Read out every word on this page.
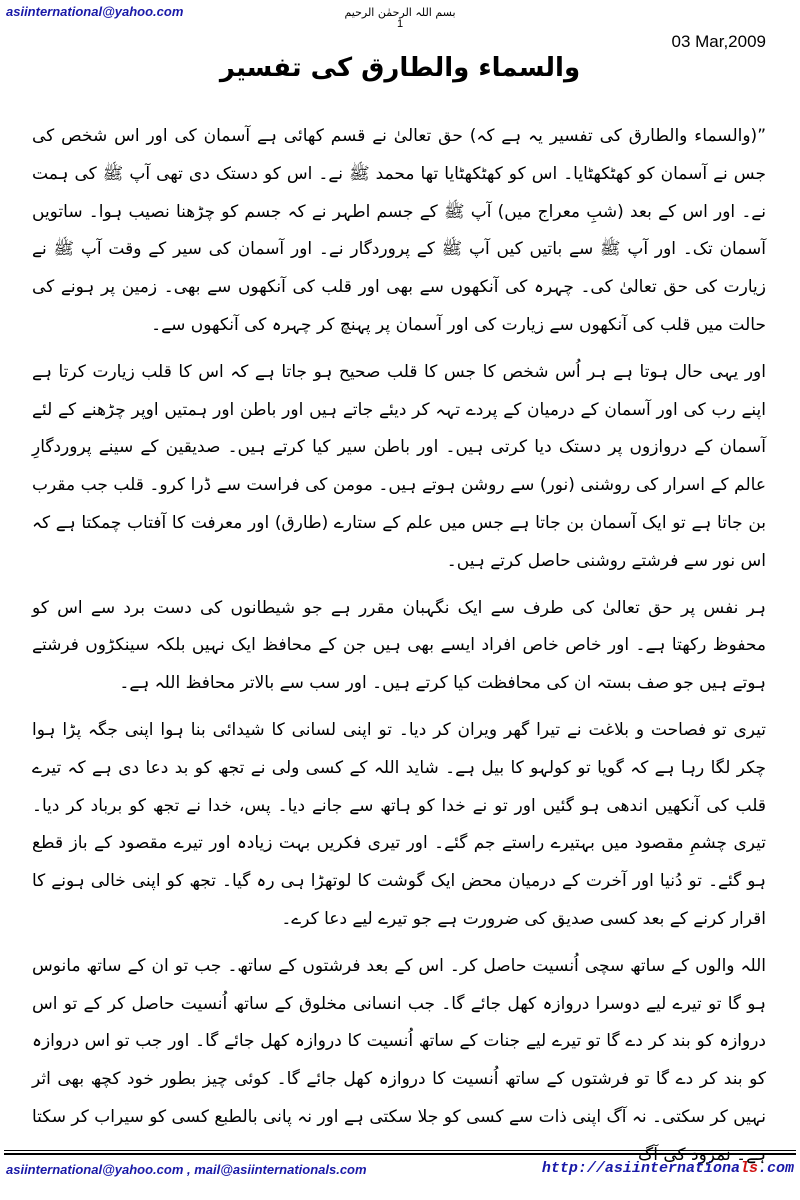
asiinternational@yahoo.com	بسم اللہ الرحمٰن الرحیم
1
03 Mar,2009
والسماء والطارق کی تفسیر

”(والسماء والطارق کی تفسیر یہ ہے کہ) حق تعالیٰ نے قسم کھائی ہے آسمان کی اور اس شخص کی جس نے آسمان کو کھٹکھٹایا۔ اس کو کھٹکھٹایا تھا محمد ﷺ نے۔ اس کو دستک دی تھی آپ ﷺ کی ہمت نے۔ اور اس کے بعد (شبِ معراج میں) آپ ﷺ کے جسم اطہر نے کہ جسم کو چڑھنا نصیب ہوا۔ ساتویں آسمان تک۔ اور آپ ﷺ سے باتیں کیں آپ ﷺ کے پروردگار نے۔ اور آسمان کی سیر کے وقت آپ ﷺ نے زیارت کی حق تعالیٰ کی۔ چہرہ کی آنکھوں سے بھی اور قلب کی آنکھوں سے بھی۔ زمین پر ہونے کی حالت میں قلب کی آنکھوں سے زیارت کی اور آسمان پر پہنچ کر چہرہ کی آنکھوں سے۔

اور یہی حال ہوتا ہے ہر اُس شخص کا جس کا قلب صحیح ہو جاتا ہے کہ اس کا قلب زیارت کرتا ہے اپنے رب کی اور آسمان کے درمیان کے پردے تہہ کر دیئے جاتے ہیں اور باطن اور ہمتیں اوپر چڑھنے کے لئے آسمان کے دروازوں پر دستک دیا کرتی ہیں۔ اور باطن سیر کیا کرتے ہیں۔ صدیقین کے سینے پروردگارِ عالم کے اسرار کی روشنی (نور) سے روشن ہوتے ہیں۔ مومن کی فراست سے ڈرا کرو۔ قلب جب مقرب بن جاتا ہے تو ایک آسمان بن جاتا ہے جس میں علم کے ستارے (طارق) اور معرفت کا آفتاب چمکتا ہے کہ اس نور سے فرشتے روشنی حاصل کرتے ہیں۔

ہر نفس پر حق تعالیٰ کی طرف سے ایک نگہبان مقرر ہے جو شیطانوں کی دست برد سے اس کو محفوظ رکھتا ہے۔ اور خاص خاص افراد ایسے بھی ہیں جن کے محافظ ایک نہیں بلکہ سینکڑوں فرشتے ہوتے ہیں جو صف بستہ ان کی محافظت کیا کرتے ہیں۔ اور سب سے بالاتر محافظ اللہ ہے۔

تیری تو فصاحت و بلاغت نے تیرا گھر ویران کر دیا۔ تو اپنی لسانی کا شیدائی بنا ہوا اپنی جگہ پڑا ہوا چکر لگا رہا ہے کہ گویا تو کولہو کا بیل ہے۔ شاید اللہ کے کسی ولی نے تجھ کو بد دعا دی ہے کہ تیرے قلب کی آنکھیں اندھی ہو گئیں اور تو نے خدا کو ہاتھ سے جانے دیا۔ پس، خدا نے تجھ کو برباد کر دیا۔ تیری چشمِ مقصود میں بہتیرے راستے جم گئے۔ اور تیری فکریں بہت زیادہ اور تیرے مقصود کے باز قطع ہو گئے۔ تو دُنیا اور آخرت کے درمیان محض ایک گوشت کا لوتھڑا ہی رہ گیا۔ تجھ کو اپنی خالی ہونے کا اقرار کرنے کے بعد کسی صدیق کی ضرورت ہے جو تیرے لیے دعا کرے۔

اللہ والوں کے ساتھ سچی اُنسیت حاصل کر۔ اس کے بعد فرشتوں کے ساتھ۔ جب تو ان کے ساتھ مانوس ہو گا تو تیرے لیے دوسرا دروازہ کھل جائے گا۔ جب انسانی مخلوق کے ساتھ اُنسیت حاصل کر کے تو اس دروازہ کو بند کر دے گا تو تیرے لیے جنات کے ساتھ اُنسیت کا دروازہ کھل جائے گا۔ اور جب تو اس دروازہ کو بند کر دے گا تو فرشتوں کے ساتھ اُنسیت کا دروازہ کھل جائے گا۔ کوئی چیز بطور خود کچھ بھی اثر نہیں کر سکتی۔ نہ آگ اپنی ذات سے کسی کو جلا سکتی ہے اور نہ پانی بالطبع کسی کو سیراب کر سکتا ہے۔ نمرود کی آگ

asiinternational@yahoo.com , mail@asiinternationals.com	http://asiinternationals.com
